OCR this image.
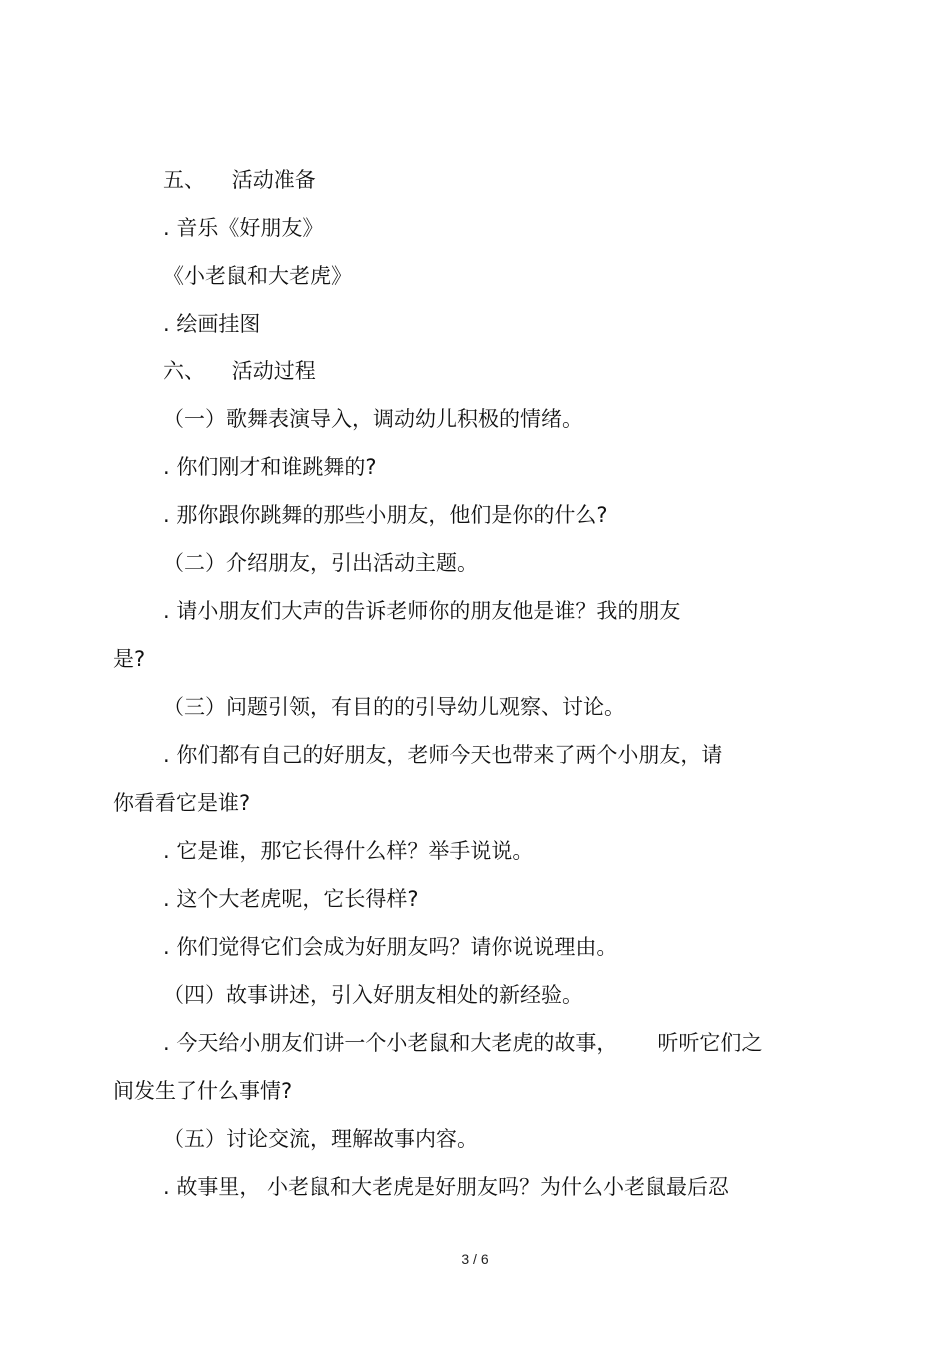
五、    活动准备
. 音乐《好朋友》
《小老鼠和大老虎》
. 绘画挂图
六、    活动过程
（一）歌舞表演导入，调动幼儿积极的情绪。
. 你们刚才和谁跳舞的?
. 那你跟你跳舞的那些小朋友，他们是你的什么?
（二）介绍朋友，引出活动主题。
. 请小朋友们大声的告诉老师你的朋友他是谁？我的朋友
是?
（三）问题引领，有目的的引导幼儿观察、讨论。
. 你们都有自己的好朋友，老师今天也带来了两个小朋友，请
你看看它是谁?
. 它是谁，那它长得什么样？举手说说。
. 这个大老虎呢，它长得样?
. 你们觉得它们会成为好朋友吗？请你说说理由。
（四）故事讲述，引入好朋友相处的新经验。
. 今天给小朋友们讲一个小老鼠和大老虎的故事，      听听它们之
间发生了什么事情?
（五）讨论交流，理解故事内容。
. 故事里， 小老鼠和大老虎是好朋友吗？为什么小老鼠最后忍
3 / 6
